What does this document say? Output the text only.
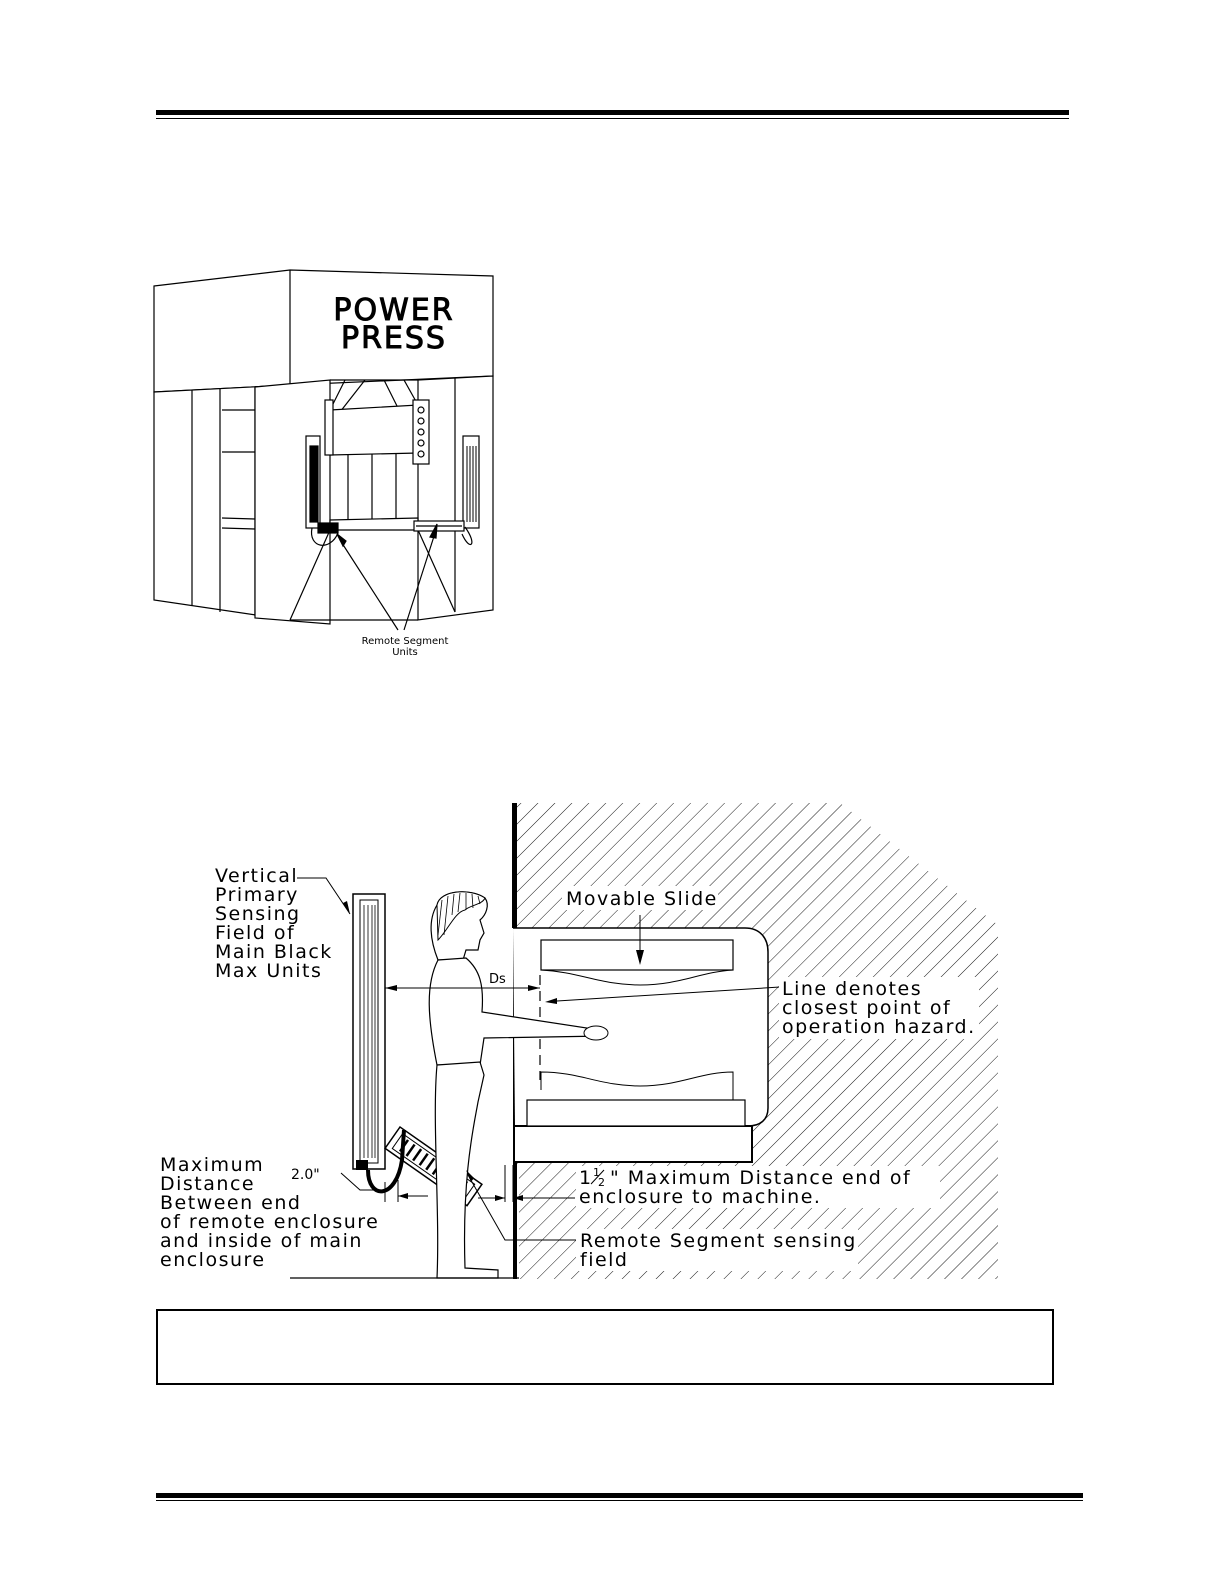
POWER
PRESS
Remote Segment
Units
Vertical
Primary
Sensing
Field of
Main Black
Max Units
Movable Slide
Line denotes
closest point of
operation hazard.
Maximum
Distance
Between end
of remote enclosure
and inside of main
enclosure
1 " Maximum Distance end of
enclosure to machine.
Remote Segment sensing
field
1
2
Ds
2.0"
